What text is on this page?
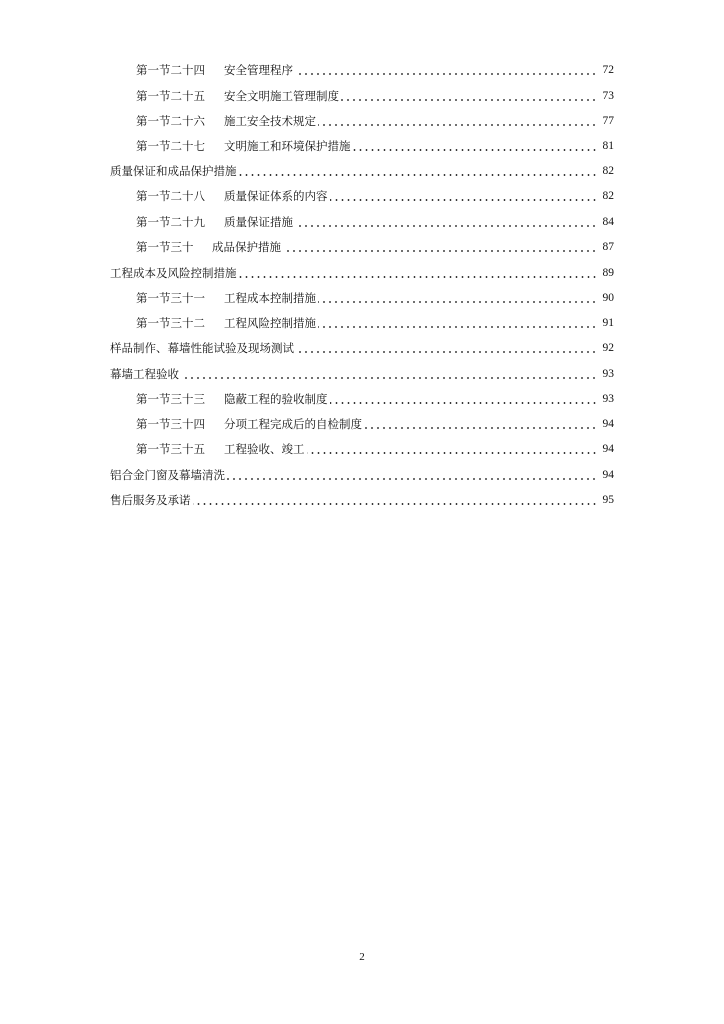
第一节二十四	安全管理程序	72
第一节二十五	安全文明施工管理制度	73
第一节二十六	施工安全技术规定	77
第一节二十七	文明施工和环境保护措施	81
质量保证和成品保护措施	82
第一节二十八	质量保证体系的内容	82
第一节二十九	质量保证措施	84
第一节三十	成品保护措施	87
工程成本及风险控制措施	89
第一节三十一	工程成本控制措施	90
第一节三十二	工程风险控制措施	91
样品制作、幕墙性能试验及现场测试	92
幕墙工程验收	93
第一节三十三	隐蔽工程的验收制度	93
第一节三十四	分项工程完成后的自检制度	94
第一节三十五	工程验收、竣工	94
铝合金门窗及幕墙清洗	94
售后服务及承诺	95
2
